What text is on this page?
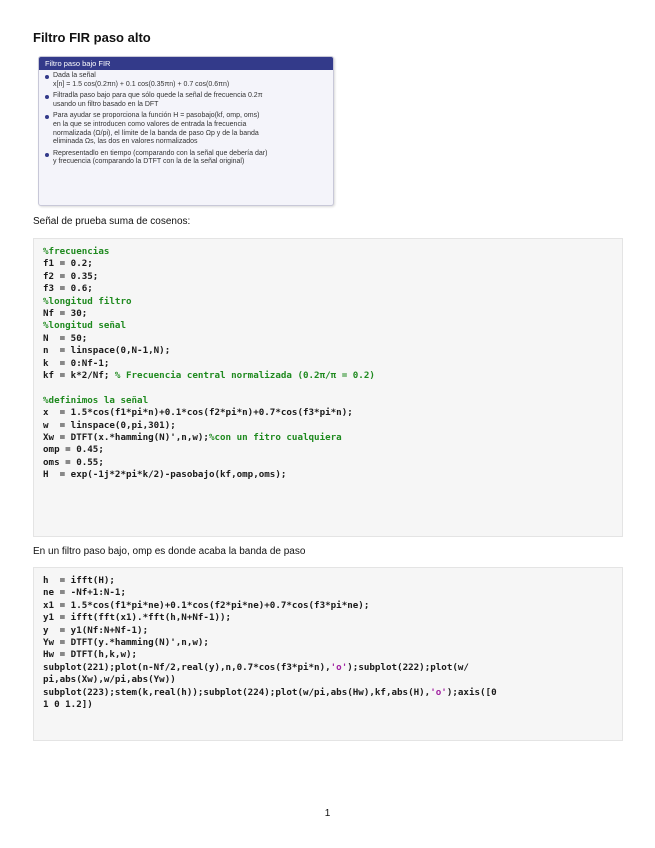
Filtro FIR paso alto
Filtro paso bajo FIR
Dada la señal
x[n] = 1.5 cos(0.2πn) + 0.1 cos(0.35πn) + 0.7 cos(0.6πn)
Filtradla paso bajo para que sólo quede la señal de frecuencia 0.2π
usando un filtro basado en la DFT
Para ayudar se proporciona la función H = pasobajo(kf, omp, oms)
en la que se introducen como valores de entrada la frecuencia
normalizada (Ω/pi), el límite de la banda de paso Ωp y de la banda
eliminada Ωs, las dos en valores normalizados
Representadlo en tiempo (comparando con la señal que debería dar)
y frecuencia (comparando la DTFT con la de la señal original)
Señal de prueba suma de cosenos:
%frecuencias
f1 = 0.2;
f2 = 0.35;
f3 = 0.6;
%longitud filtro
Nf = 30;
%longitud señal
N  = 50;
n  = linspace(0,N-1,N);
k  = 0:Nf-1;
kf = k*2/Nf; % Frecuencia central normalizada (0.2π/π = 0.2)
%definimos la señal
x  = 1.5*cos(f1*pi*n)+0.1*cos(f2*pi*n)+0.7*cos(f3*pi*n);
w  = linspace(0,pi,301);
Xw = DTFT(x.*hamming(N)',n,w);%con un fitro cualquiera
omp = 0.45;
oms = 0.55;
H  = exp(-1j*2*pi*k/2)-pasobajo(kf,omp,oms);
En un filtro paso bajo, omp es donde acaba la banda de paso
h  = ifft(H);
ne = -Nf+1:N-1;
x1 = 1.5*cos(f1*pi*ne)+0.1*cos(f2*pi*ne)+0.7*cos(f3*pi*ne);
y1 = ifft(fft(x1).*fft(h,N+Nf-1));
y  = y1(Nf:N+Nf-1);
Yw = DTFT(y.*hamming(N)',n,w);
Hw = DTFT(h,k,w);
subplot(221);plot(n-Nf/2,real(y),n,0.7*cos(f3*pi*n),'o');subplot(222);plot(w/
pi,abs(Xw),w/pi,abs(Yw))
subplot(223);stem(k,real(h));subplot(224);plot(w/pi,abs(Hw),kf,abs(H),'o');axis([0
1 0 1.2])
1
